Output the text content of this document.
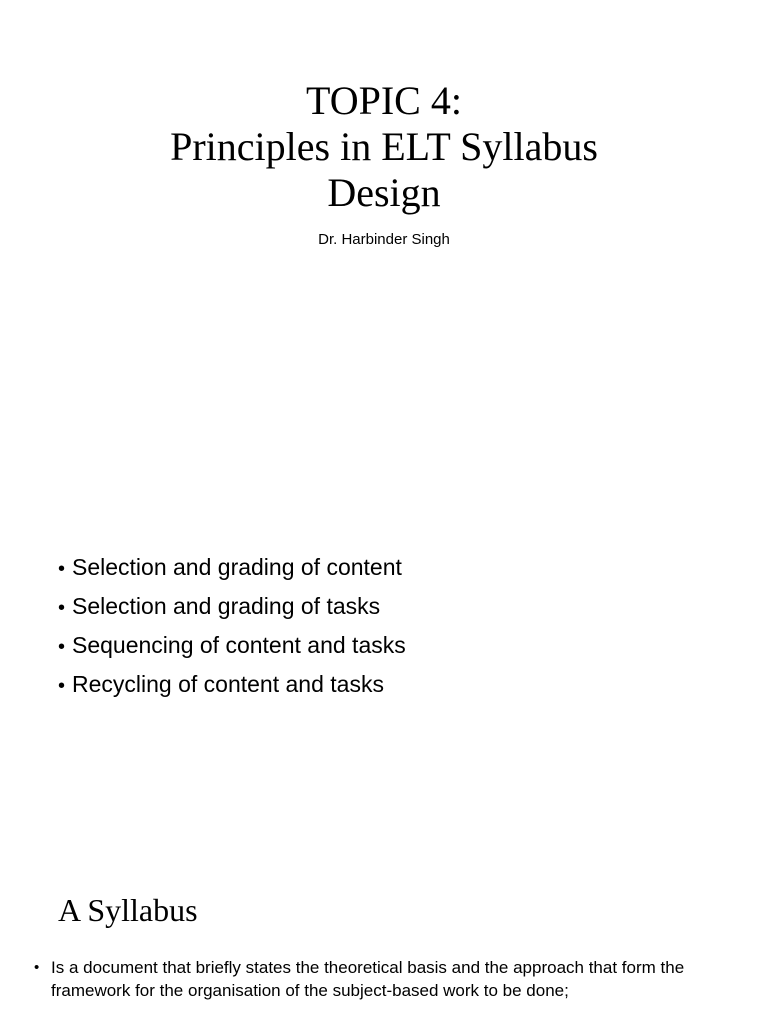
TOPIC 4:
Principles in ELT Syllabus
Design
Dr. Harbinder Singh
• Selection and grading of content
• Selection and grading of tasks
• Sequencing of content and tasks
• Recycling of content and tasks
A Syllabus
• Is a document that briefly states the theoretical basis and the approach that form the framework for the organisation of the subject-based work to be done;
